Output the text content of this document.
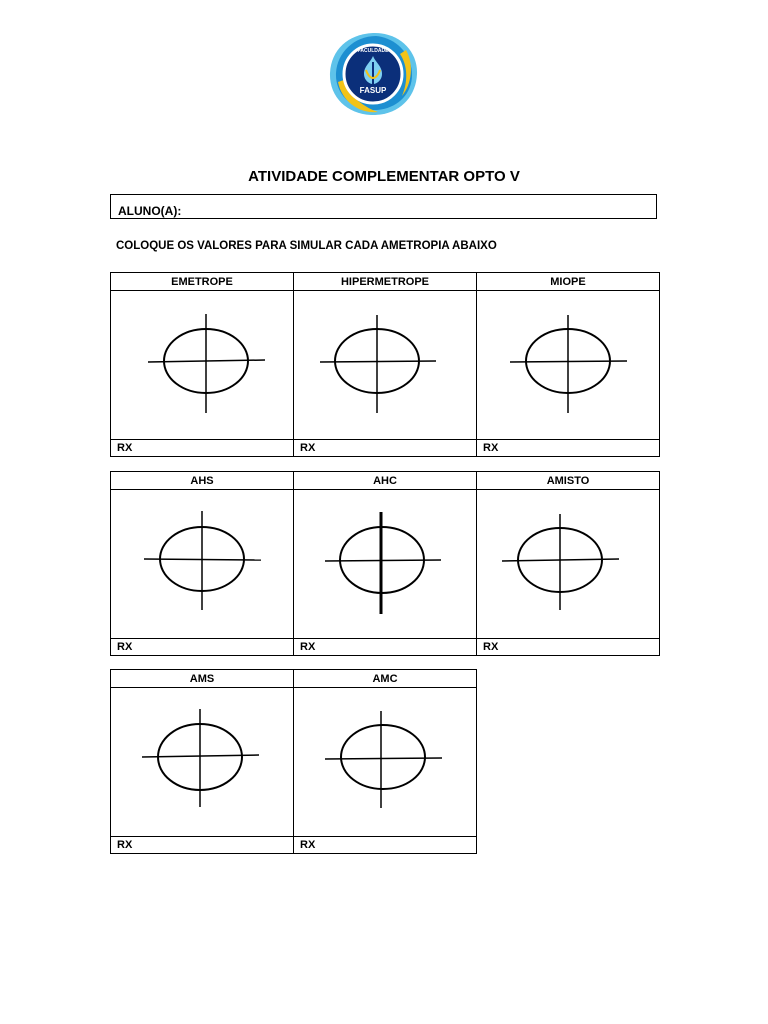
FACULDADE
FASUP
ATIVIDADE COMPLEMENTAR OPTO V
ALUNO(A):
COLOQUE OS VALORES PARA SIMULAR CADA AMETROPIA ABAIXO
EMETROPE	HIPERMETROPE	MIOPE

RX	RX	RX
AHS	AHC	AMISTO

RX	RX	RX
AMS	AMC

RX	RX
